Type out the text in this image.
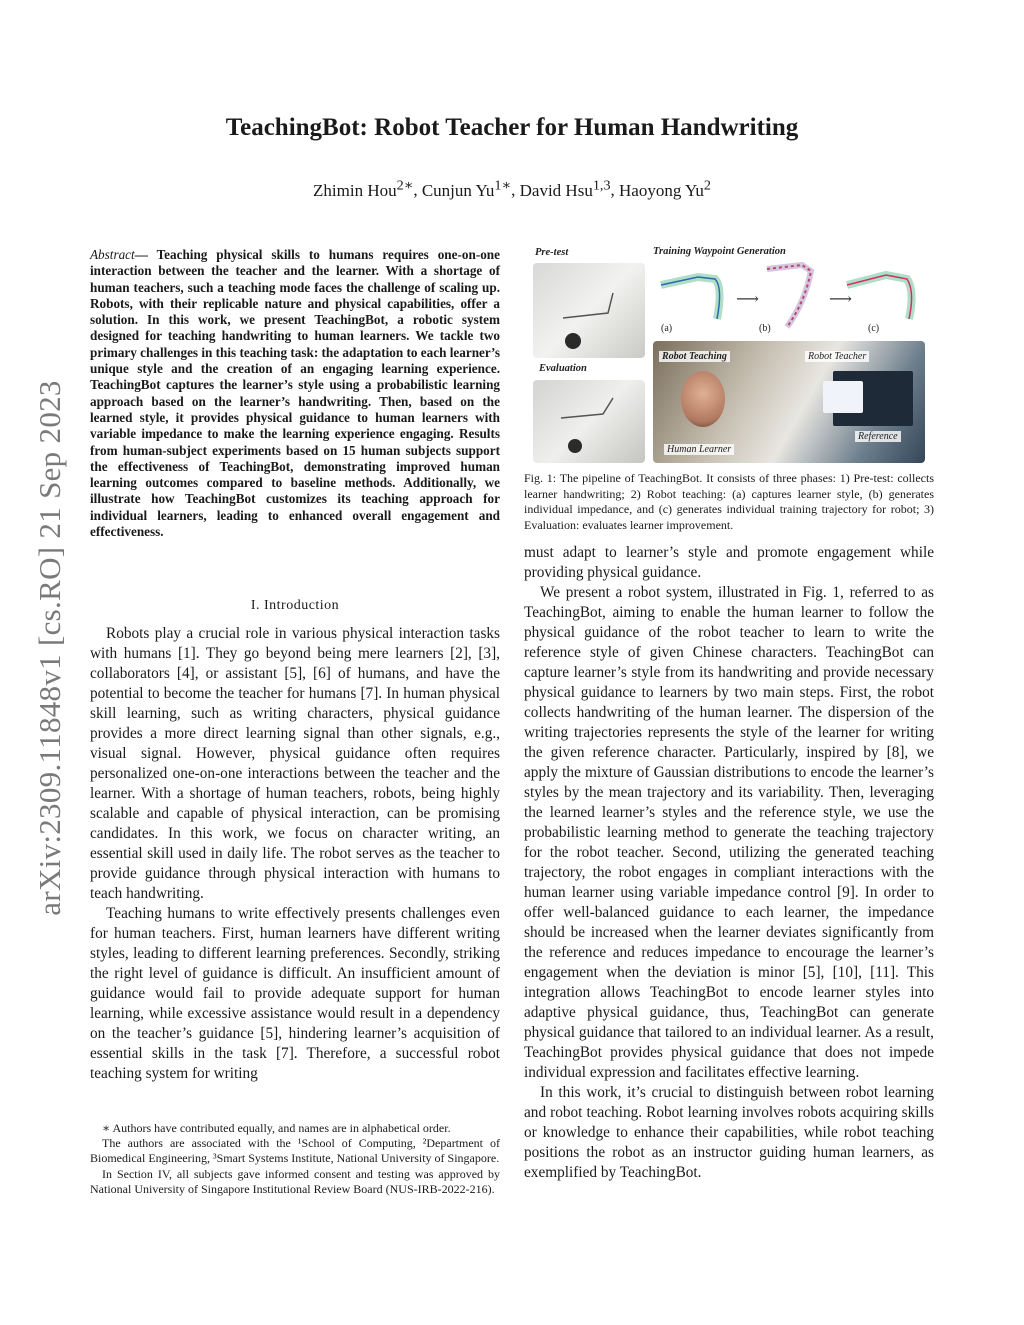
arXiv:2309.11848v1 [cs.RO] 21 Sep 2023
TeachingBot: Robot Teacher for Human Handwriting
Zhimin Hou$^{2∗}$, Cunjun $Yu^{1∗}$, David Hsu$^{1,3}$, Haoyong Yu$^2$
Abstract— Teaching physical skills to humans requires one-on-one interaction between the teacher and the learner. With a shortage of human teachers, such a teaching mode faces the challenge of scaling up. Robots, with their replicable nature and physical capabilities, offer a solution. In this work, we present TeachingBot, a robotic system designed for teaching handwriting to human learners. We tackle two primary challenges in this teaching task: the adaptation to each learner’s unique style and the creation of an engaging learning experience. TeachingBot captures the learner’s style using a probabilistic learning approach based on the learner’s handwriting. Then, based on the learned style, it provides physical guidance to human learners with variable impedance to make the learning experience engaging. Results from human-subject experiments based on 15 human subjects support the effectiveness of TeachingBot, demonstrating improved human learning outcomes compared to baseline methods. Additionally, we illustrate how TeachingBot customizes its teaching approach for individual learners, leading to enhanced overall engagement and effectiveness.
I. Introduction

Robots play a crucial role in various physical interaction tasks with humans [1]. They go beyond being mere learners [2], [3], collaborators [4], or assistant [5], [6] of humans, and have the potential to become the teacher for humans [7]. In human physical skill learning, such as writing characters, physical guidance provides a more direct learning signal than other signals, e.g., visual signal. However, physical guidance often requires personalized one-on-one interactions between the teacher and the learner. With a shortage of human teachers, robots, being highly scalable and capable of physical interaction, can be promising candidates. In this work, we focus on character writing, an essential skill used in daily life. The robot serves as the teacher to provide guidance through physical interaction with humans to teach handwriting.

Teaching humans to write effectively presents challenges even for human teachers. First, human learners have different writing styles, leading to different learning preferences. Secondly, striking the right level of guidance is difficult. An insufficient amount of guidance would fail to provide adequate support for human learning, while excessive assistance would result in a dependency on the teacher’s guidance [5], hindering learner’s acquisition of essential skills in the task [7]. Therefore, a successful robot teaching system for writing

∗ Authors have contributed equally, and names are in alphabetical order.

The authors are associated with the ¹School of Computing, ²Department of Biomedical Engineering, ³Smart Systems Institute, National University of Singapore.

In Section IV, all subjects gave informed consent and testing was approved by National University of Singapore Institutional Review Board (NUS-IRB-2022-216).

Pre-test
Evaluation
Training Waypoint Generation
⟶	⟶
(a)	(b)	(c)
Robot Teaching	Robot Teacher
Human Learner
Reference
Fig. 1: The pipeline of TeachingBot. It consists of three phases: 1) Pre-test: collects learner handwriting; 2) Robot teaching: (a) captures learner style, (b) generates individual impedance, and (c) generates individual training trajectory for robot; 3) Evaluation: evaluates learner improvement.

must adapt to learner’s style and promote engagement while providing physical guidance.

We present a robot system, illustrated in Fig. 1, referred to as TeachingBot, aiming to enable the human learner to follow the physical guidance of the robot teacher to learn to write the reference style of given Chinese characters. TeachingBot can capture learner’s style from its handwriting and provide necessary physical guidance to learners by two main steps. First, the robot collects handwriting of the human learner. The dispersion of the writing trajectories represents the style of the learner for writing the given reference character. Particularly, inspired by [8], we apply the mixture of Gaussian distributions to encode the learner’s styles by the mean trajectory and its variability. Then, leveraging the learned learner’s styles and the reference style, we use the probabilistic learning method to generate the teaching trajectory for the robot teacher. Second, utilizing the generated teaching trajectory, the robot engages in compliant interactions with the human learner using variable impedance control [9]. In order to offer well-balanced guidance to each learner, the impedance should be increased when the learner deviates significantly from the reference and reduces impedance to encourage the learner’s engagement when the deviation is minor [5], [10], [11]. This integration allows TeachingBot to encode learner styles into adaptive physical guidance, thus, TeachingBot can generate physical guidance that tailored to an individual learner. As a result, TeachingBot provides physical guidance that does not impede individual expression and facilitates effective learning.

In this work, it’s crucial to distinguish between robot learning and robot teaching. Robot learning involves robots acquiring skills or knowledge to enhance their capabilities, while robot teaching positions the robot as an instructor guiding human learners, as exemplified by TeachingBot.
